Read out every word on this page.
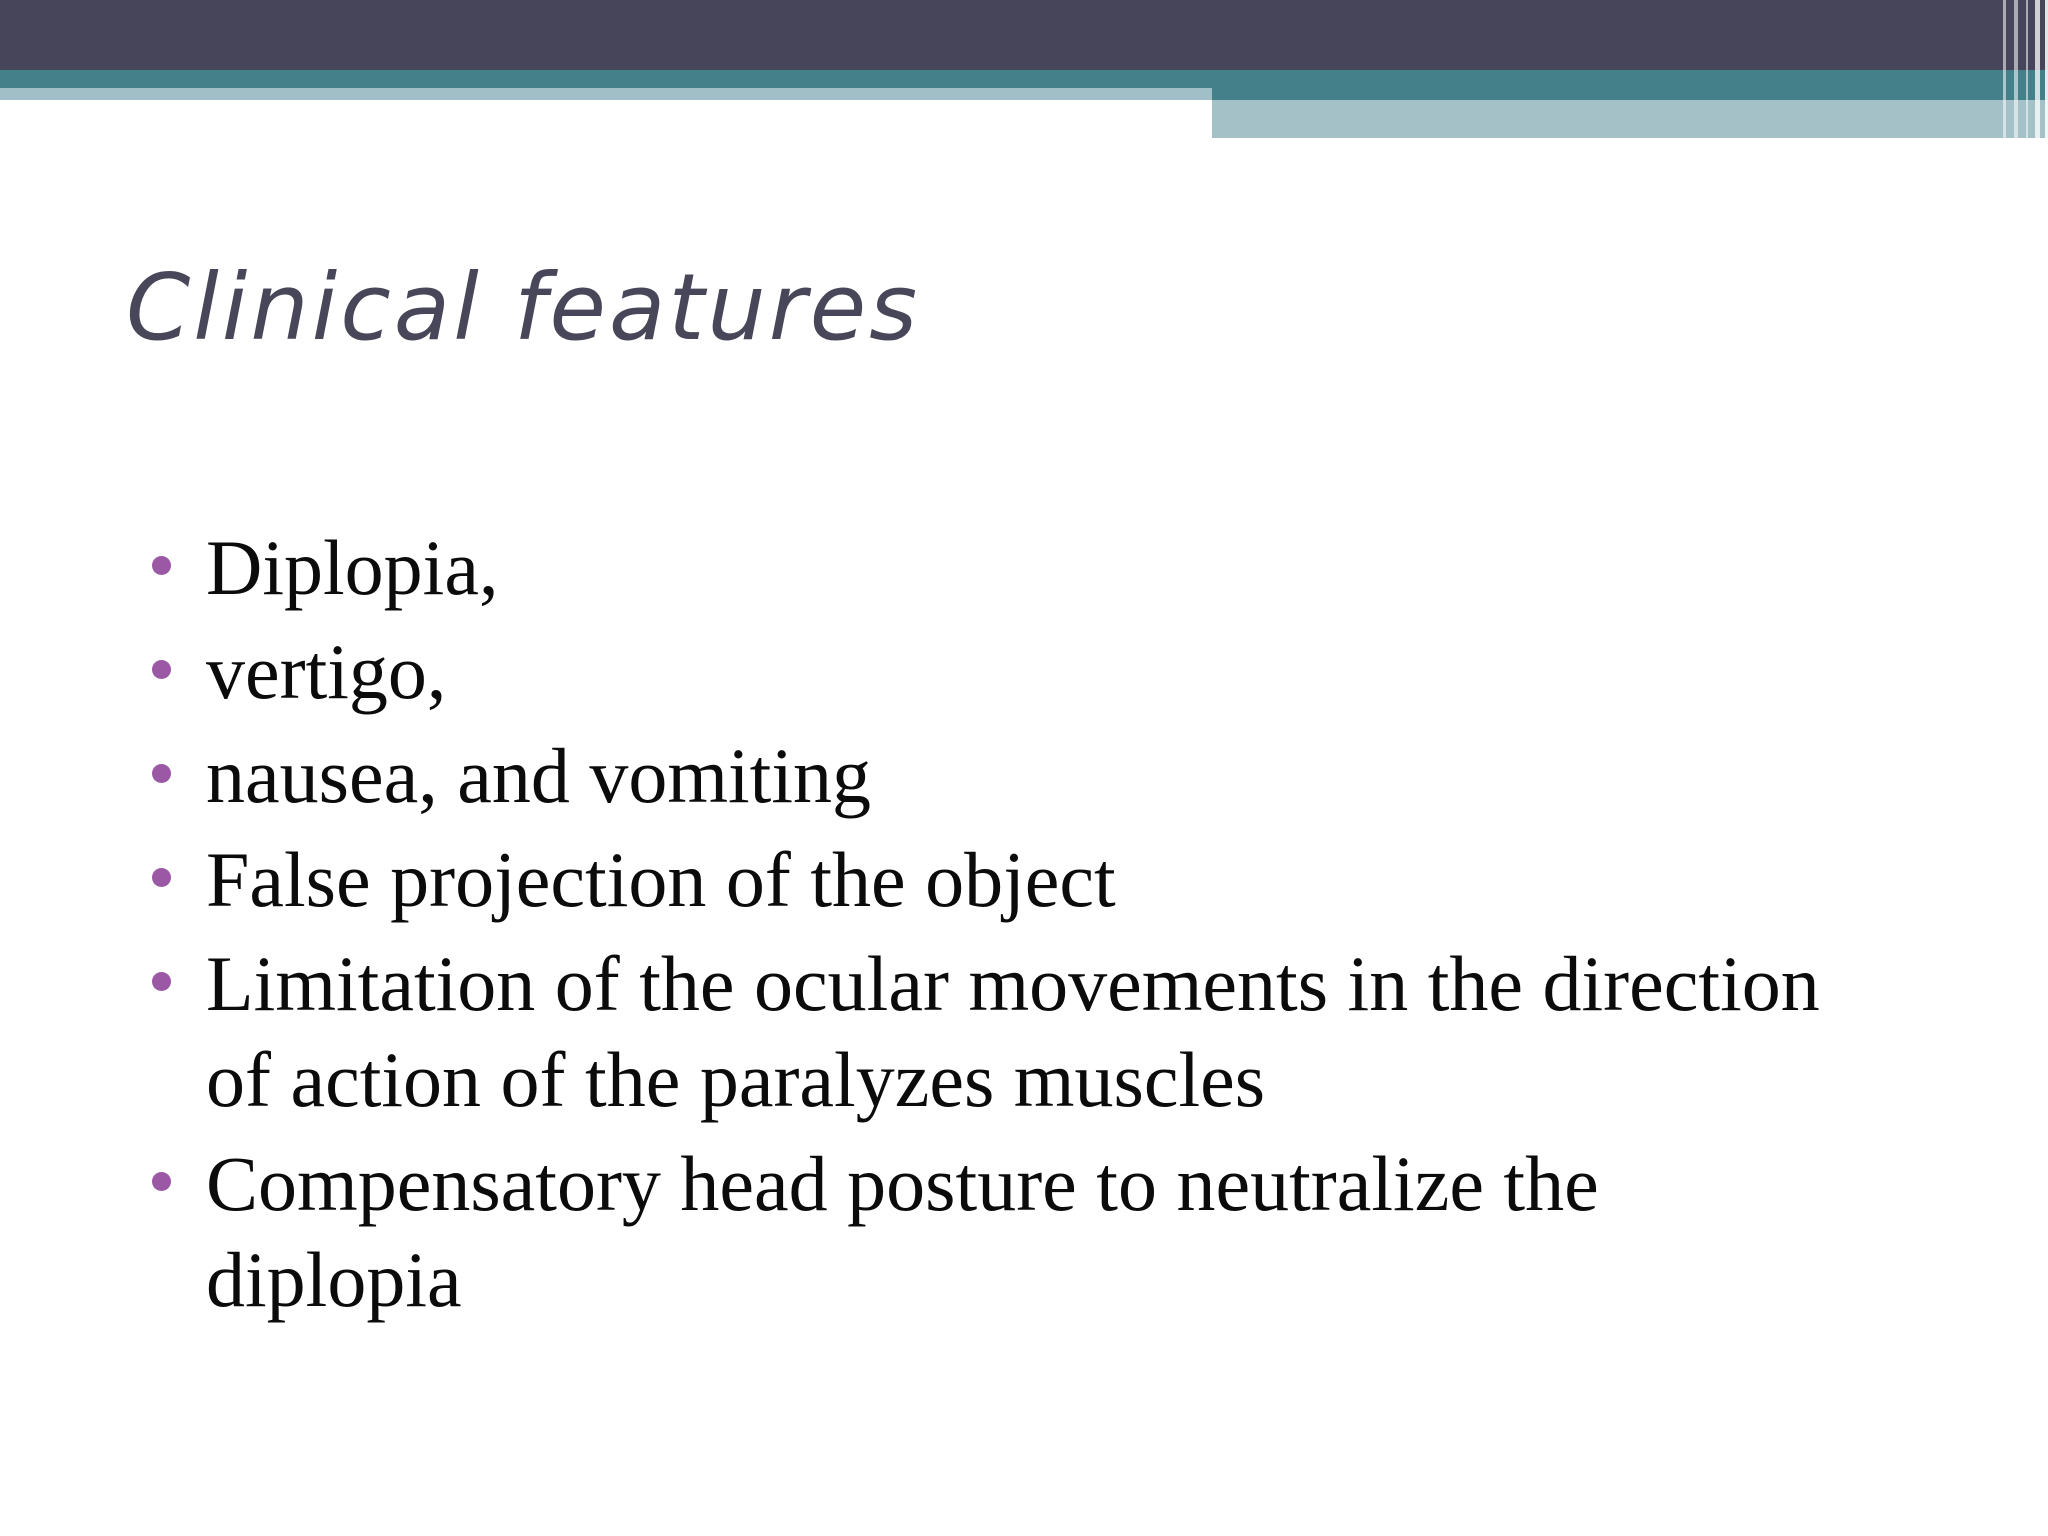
Clinical features
Diplopia,
vertigo,
nausea, and vomiting
False projection of the object
Limitation of the ocular movements in the direction of action of the paralyzes muscles
Compensatory head posture to neutralize the diplopia
